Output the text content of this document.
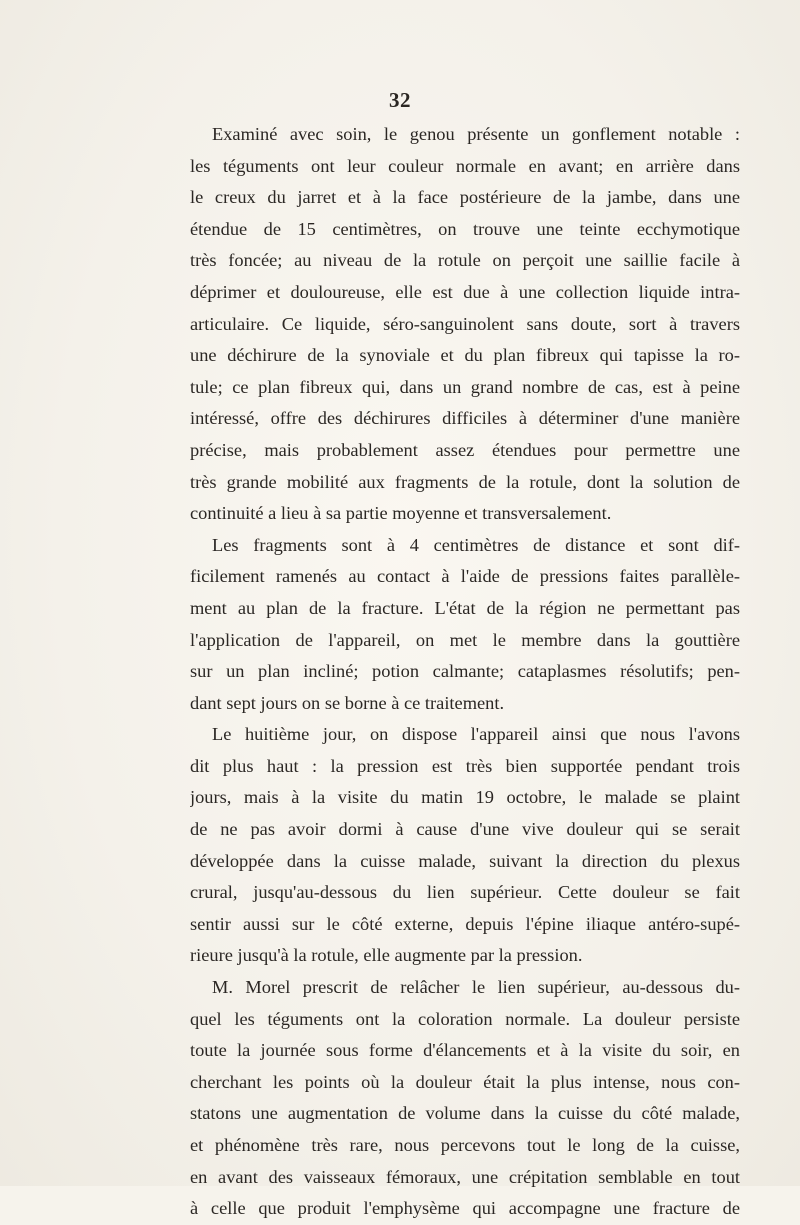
32
Examiné avec soin, le genou présente un gonflement notable :
les téguments ont leur couleur normale en avant; en arrière dans
le creux du jarret et à la face postérieure de la jambe, dans une
étendue de 15 centimètres, on trouve une teinte ecchymotique
très foncée; au niveau de la rotule on perçoit une saillie facile à
déprimer et douloureuse, elle est due à une collection liquide intra-
articulaire. Ce liquide, séro-sanguinolent sans doute, sort à travers
une déchirure de la synoviale et du plan fibreux qui tapisse la ro-
tule; ce plan fibreux qui, dans un grand nombre de cas, est à peine
intéressé, offre des déchirures difficiles à déterminer d'une manière
précise, mais probablement assez étendues pour permettre une
très grande mobilité aux fragments de la rotule, dont la solution de
continuité a lieu à sa partie moyenne et transversalement.
Les fragments sont à 4 centimètres de distance et sont dif-
ficilement ramenés au contact à l'aide de pressions faites parallèle-
ment au plan de la fracture. L'état de la région ne permettant pas
l'application de l'appareil, on met le membre dans la gouttière
sur un plan incliné; potion calmante; cataplasmes résolutifs; pen-
dant sept jours on se borne à ce traitement.
Le huitième jour, on dispose l'appareil ainsi que nous l'avons
dit plus haut : la pression est très bien supportée pendant trois
jours, mais à la visite du matin 19 octobre, le malade se plaint
de ne pas avoir dormi à cause d'une vive douleur qui se serait
développée dans la cuisse malade, suivant la direction du plexus
crural, jusqu'au-dessous du lien supérieur. Cette douleur se fait
sentir aussi sur le côté externe, depuis l'épine iliaque antéro-supé-
rieure jusqu'à la rotule, elle augmente par la pression.
M. Morel prescrit de relâcher le lien supérieur, au-dessous du-
quel les téguments ont la coloration normale. La douleur persiste
toute la journée sous forme d'élancements et à la visite du soir, en
cherchant les points où la douleur était la plus intense, nous con-
statons une augmentation de volume dans la cuisse du côté malade,
et phénomène très rare, nous percevons tout le long de la cuisse,
en avant des vaisseaux fémoraux, une crépitation semblable en tout
à celle que produit l'emphysème qui accompagne une fracture de
